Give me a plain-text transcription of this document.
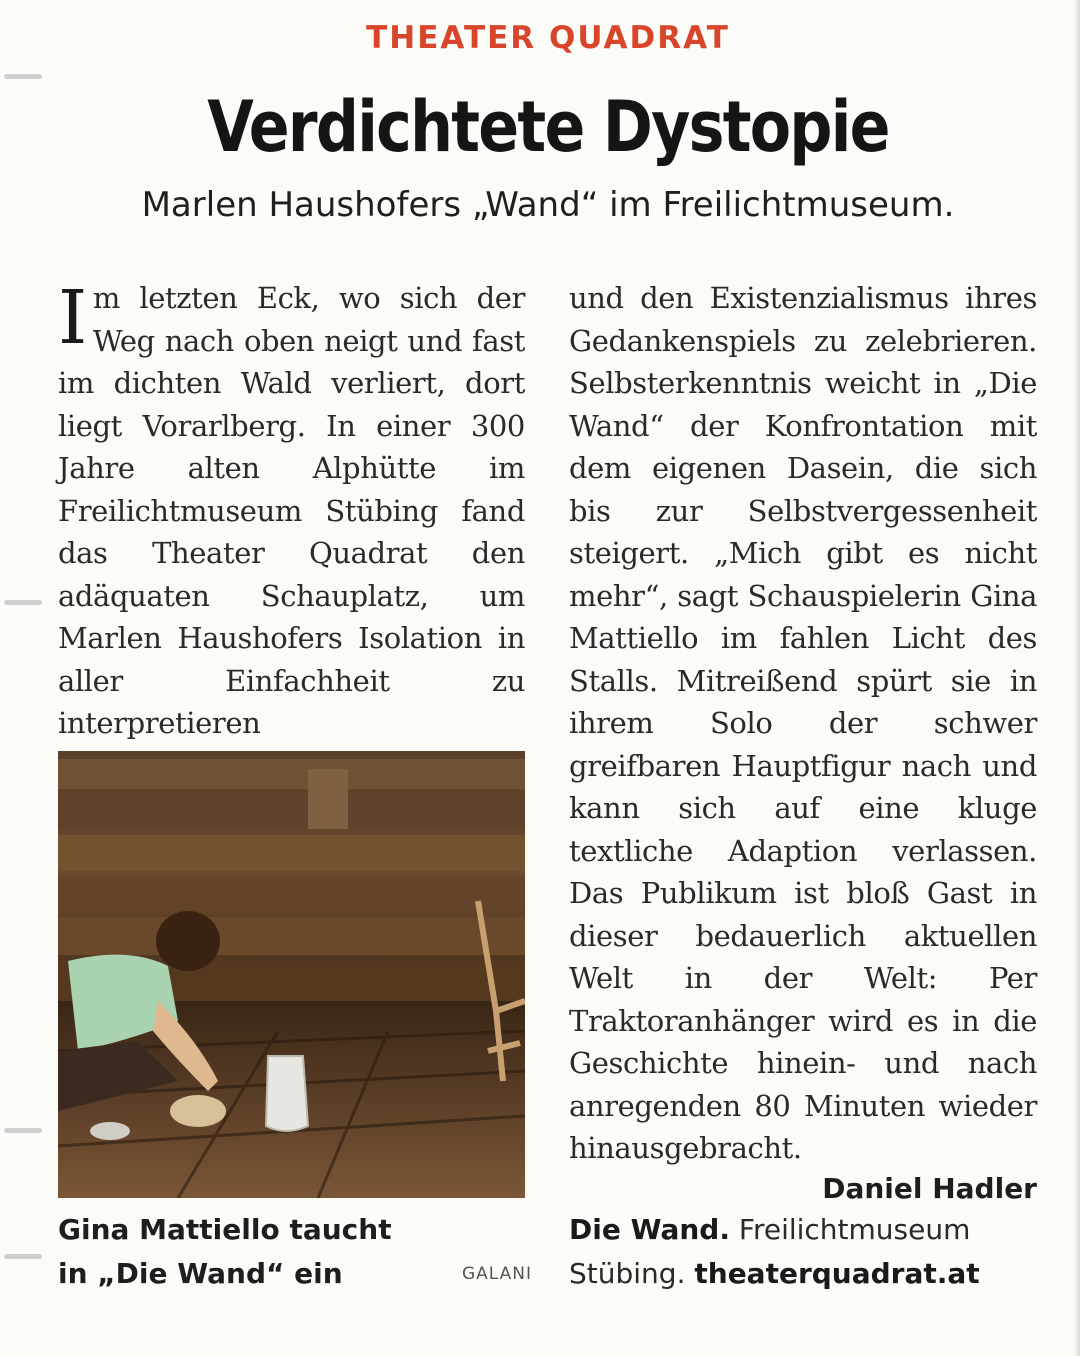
THEATER QUADRAT
Verdichtete Dystopie
Marlen Haushofers „Wand“ im Freilichtmuseum.
Im letzten Eck, wo sich der Weg nach oben neigt und fast im dichten Wald verliert, dort liegt Vorarlberg. In einer 300 Jahre alten Alphütte im Freilichtmuseum Stübing fand das Theater Quadrat den adäquaten Schauplatz, um Marlen Haushofers Isolation in aller Einfachheit zu interpretieren
Gina Mattiello taucht in „Die Wand“ ein	GALANI
und den Existenzialismus ihres Gedankenspiels zu zelebrieren. Selbsterkenntnis weicht in „Die Wand“ der Konfrontation mit dem eigenen Dasein, die sich bis zur Selbstvergessenheit steigert. „Mich gibt es nicht mehr“, sagt Schauspielerin Gina Mattiello im fahlen Licht des Stalls. Mitreißend spürt sie in ihrem Solo der schwer greifbaren Hauptfigur nach und kann sich auf eine kluge textliche Adaption verlassen. Das Publikum ist bloß Gast in dieser bedauerlich aktuellen Welt in der Welt: Per Traktoranhänger wird es in die Geschichte hinein- und nach anregenden 80 Minuten wieder hinausgebracht.
Daniel Hadler
Die Wand. Freilichtmuseum Stübing. theaterquadrat.at
